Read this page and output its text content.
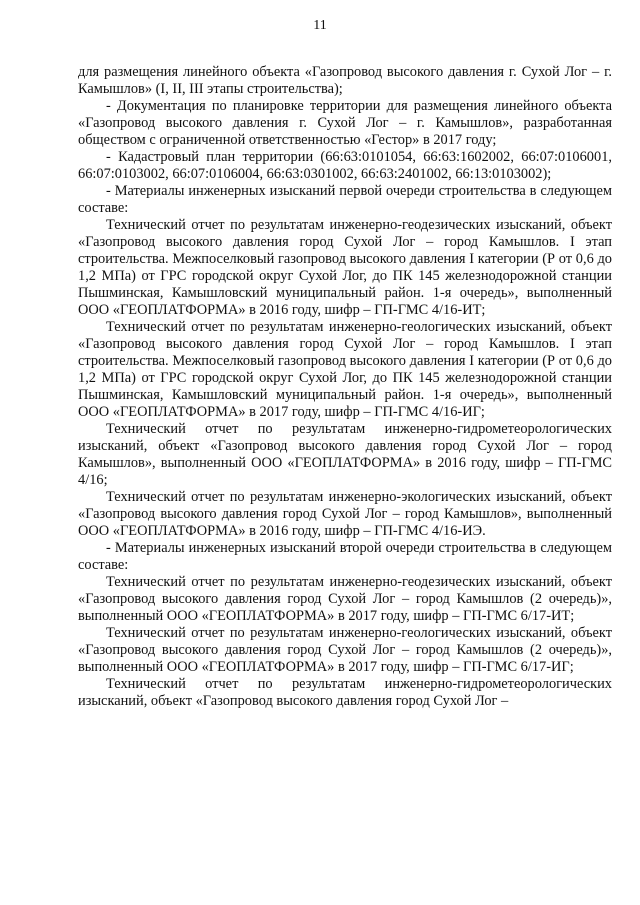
11

для размещения линейного объекта «Газопровод высокого давления г. Сухой Лог – г. Камышлов» (I, II, III этапы строительства);

- Документация по планировке территории для размещения линейного объекта «Газопровод высокого давления г. Сухой Лог – г. Камышлов», разработанная обществом с ограниченной ответственностью «Гестор» в 2017 году;

- Кадастровый план территории (66:63:0101054, 66:63:1602002, 66:07:0106001, 66:07:0103002, 66:07:0106004, 66:63:0301002, 66:63:2401002, 66:13:0103002);

- Материалы инженерных изысканий первой очереди строительства в следующем составе:

Технический отчет по результатам инженерно-геодезических изысканий, объект «Газопровод высокого давления город Сухой Лог – город Камышлов. I этап строительства. Межпоселковый газопровод высокого давления I категории (Р от 0,6 до 1,2 МПа) от ГРС городской округ Сухой Лог, до ПК 145 железнодорожной станции Пышминская, Камышловский муниципальный район. 1-я очередь», выполненный ООО «ГЕОПЛАТФОРМА» в 2016 году, шифр – ГП-ГМС 4/16-ИТ;

Технический отчет по результатам инженерно-геологических изысканий, объект «Газопровод высокого давления город Сухой Лог – город Камышлов. I этап строительства. Межпоселковый газопровод высокого давления I категории (Р от 0,6 до 1,2 МПа) от ГРС городской округ Сухой Лог, до ПК 145 железнодорожной станции Пышминская, Камышловский муниципальный район. 1-я очередь», выполненный ООО «ГЕОПЛАТФОРМА» в 2017 году, шифр – ГП-ГМС 4/16-ИГ;

Технический отчет по результатам инженерно-гидрометеорологических изысканий, объект «Газопровод высокого давления город Сухой Лог – город Камышлов», выполненный ООО «ГЕОПЛАТФОРМА» в 2016 году, шифр – ГП-ГМС 4/16;

Технический отчет по результатам инженерно-экологических изысканий, объект «Газопровод высокого давления город Сухой Лог – город Камышлов», выполненный ООО «ГЕОПЛАТФОРМА» в 2016 году, шифр – ГП-ГМС 4/16-ИЭ.

- Материалы инженерных изысканий второй очереди строительства в следующем составе:

Технический отчет по результатам инженерно-геодезических изысканий, объект «Газопровод высокого давления город Сухой Лог – город Камышлов (2 очередь)», выполненный ООО «ГЕОПЛАТФОРМА» в 2017 году, шифр – ГП-ГМС 6/17-ИТ;

Технический отчет по результатам инженерно-геологических изысканий, объект «Газопровод высокого давления город Сухой Лог – город Камышлов (2 очередь)», выполненный ООО «ГЕОПЛАТФОРМА» в 2017 году, шифр – ГП-ГМС 6/17-ИГ;

Технический отчет по результатам инженерно-гидрометеорологических изысканий, объект «Газопровод высокого давления город Сухой Лог –
